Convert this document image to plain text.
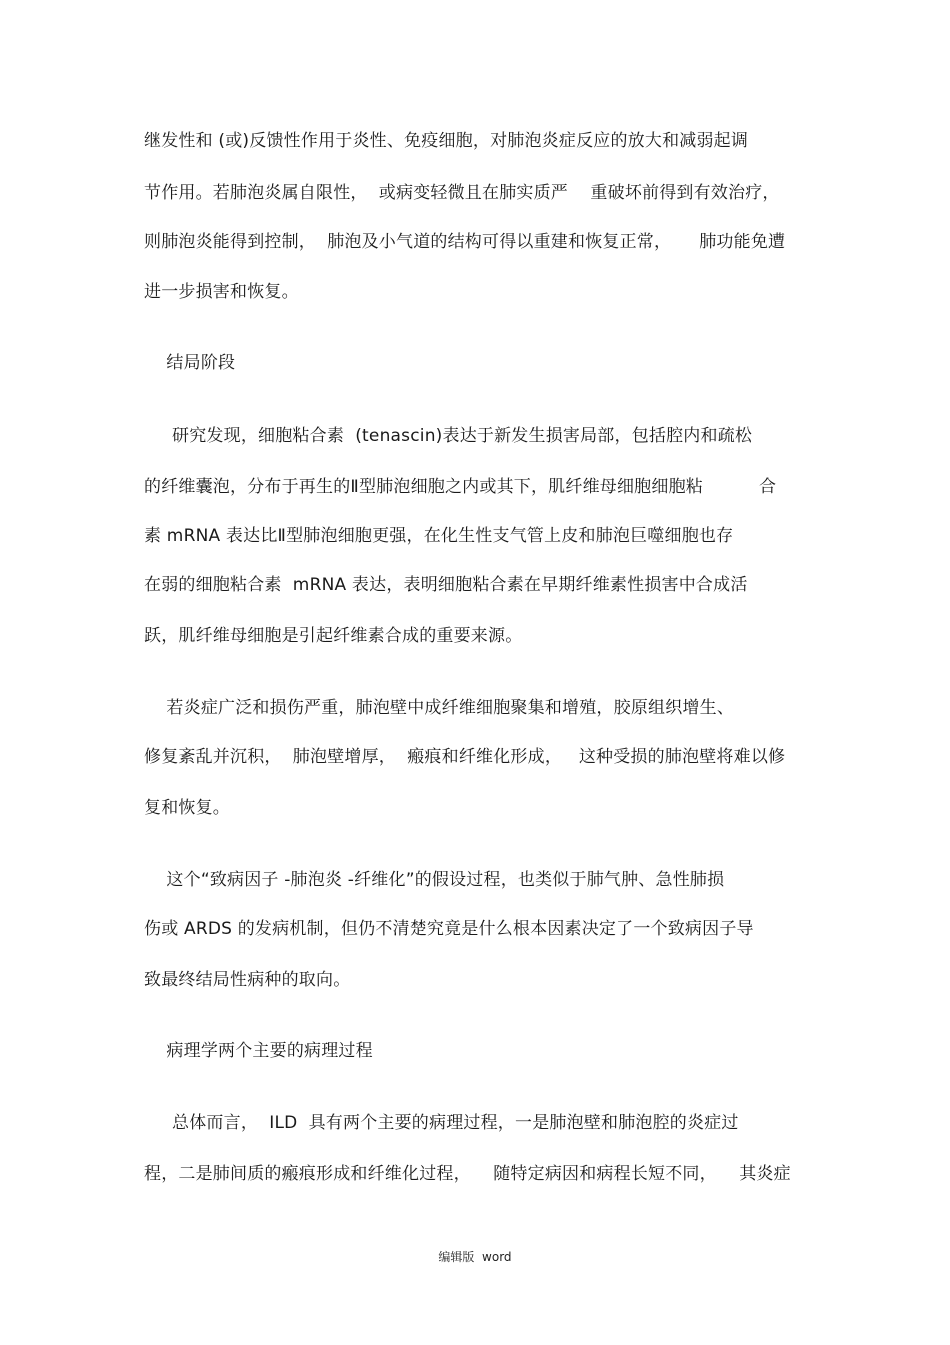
继发性和 (或)反馈性作用于炎性、免疫细胞，对肺泡炎症反应的放大和减弱起调
节作用。若肺泡炎属自限性，  或病变轻微且在肺实质严    重破坏前得到有效治疗，
则肺泡炎能得到控制，  肺泡及小气道的结构可得以重建和恢复正常，     肺功能免遭
进一步损害和恢复。
结局阶段
研究发现，细胞粘合素  (tenascin)表达于新发生损害局部，包括腔内和疏松
的纤维囊泡，分布于再生的Ⅱ型肺泡细胞之内或其下，肌纤维母细胞细胞粘          合
素 mRNA 表达比Ⅱ型肺泡细胞更强，在化生性支气管上皮和肺泡巨噬细胞也存
在弱的细胞粘合素  mRNA 表达，表明细胞粘合素在早期纤维素性损害中合成活
跃，肌纤维母细胞是引起纤维素合成的重要来源。
若炎症广泛和损伤严重，肺泡壁中成纤维细胞聚集和增殖，胶原组织增生、
修复紊乱并沉积，  肺泡壁增厚，  瘢痕和纤维化形成，   这种受损的肺泡壁将难以修
复和恢复。
这个“致病因子 -肺泡炎 -纤维化”的假设过程，也类似于肺气肿、急性肺损
伤或 ARDS 的发病机制，但仍不清楚究竟是什么根本因素决定了一个致病因子导
致最终结局性病种的取向。
病理学两个主要的病理过程
总体而言，  ILD  具有两个主要的病理过程，一是肺泡壁和肺泡腔的炎症过
程，二是肺间质的瘢痕形成和纤维化过程，    随特定病因和病程长短不同，    其炎症
编辑版  word
